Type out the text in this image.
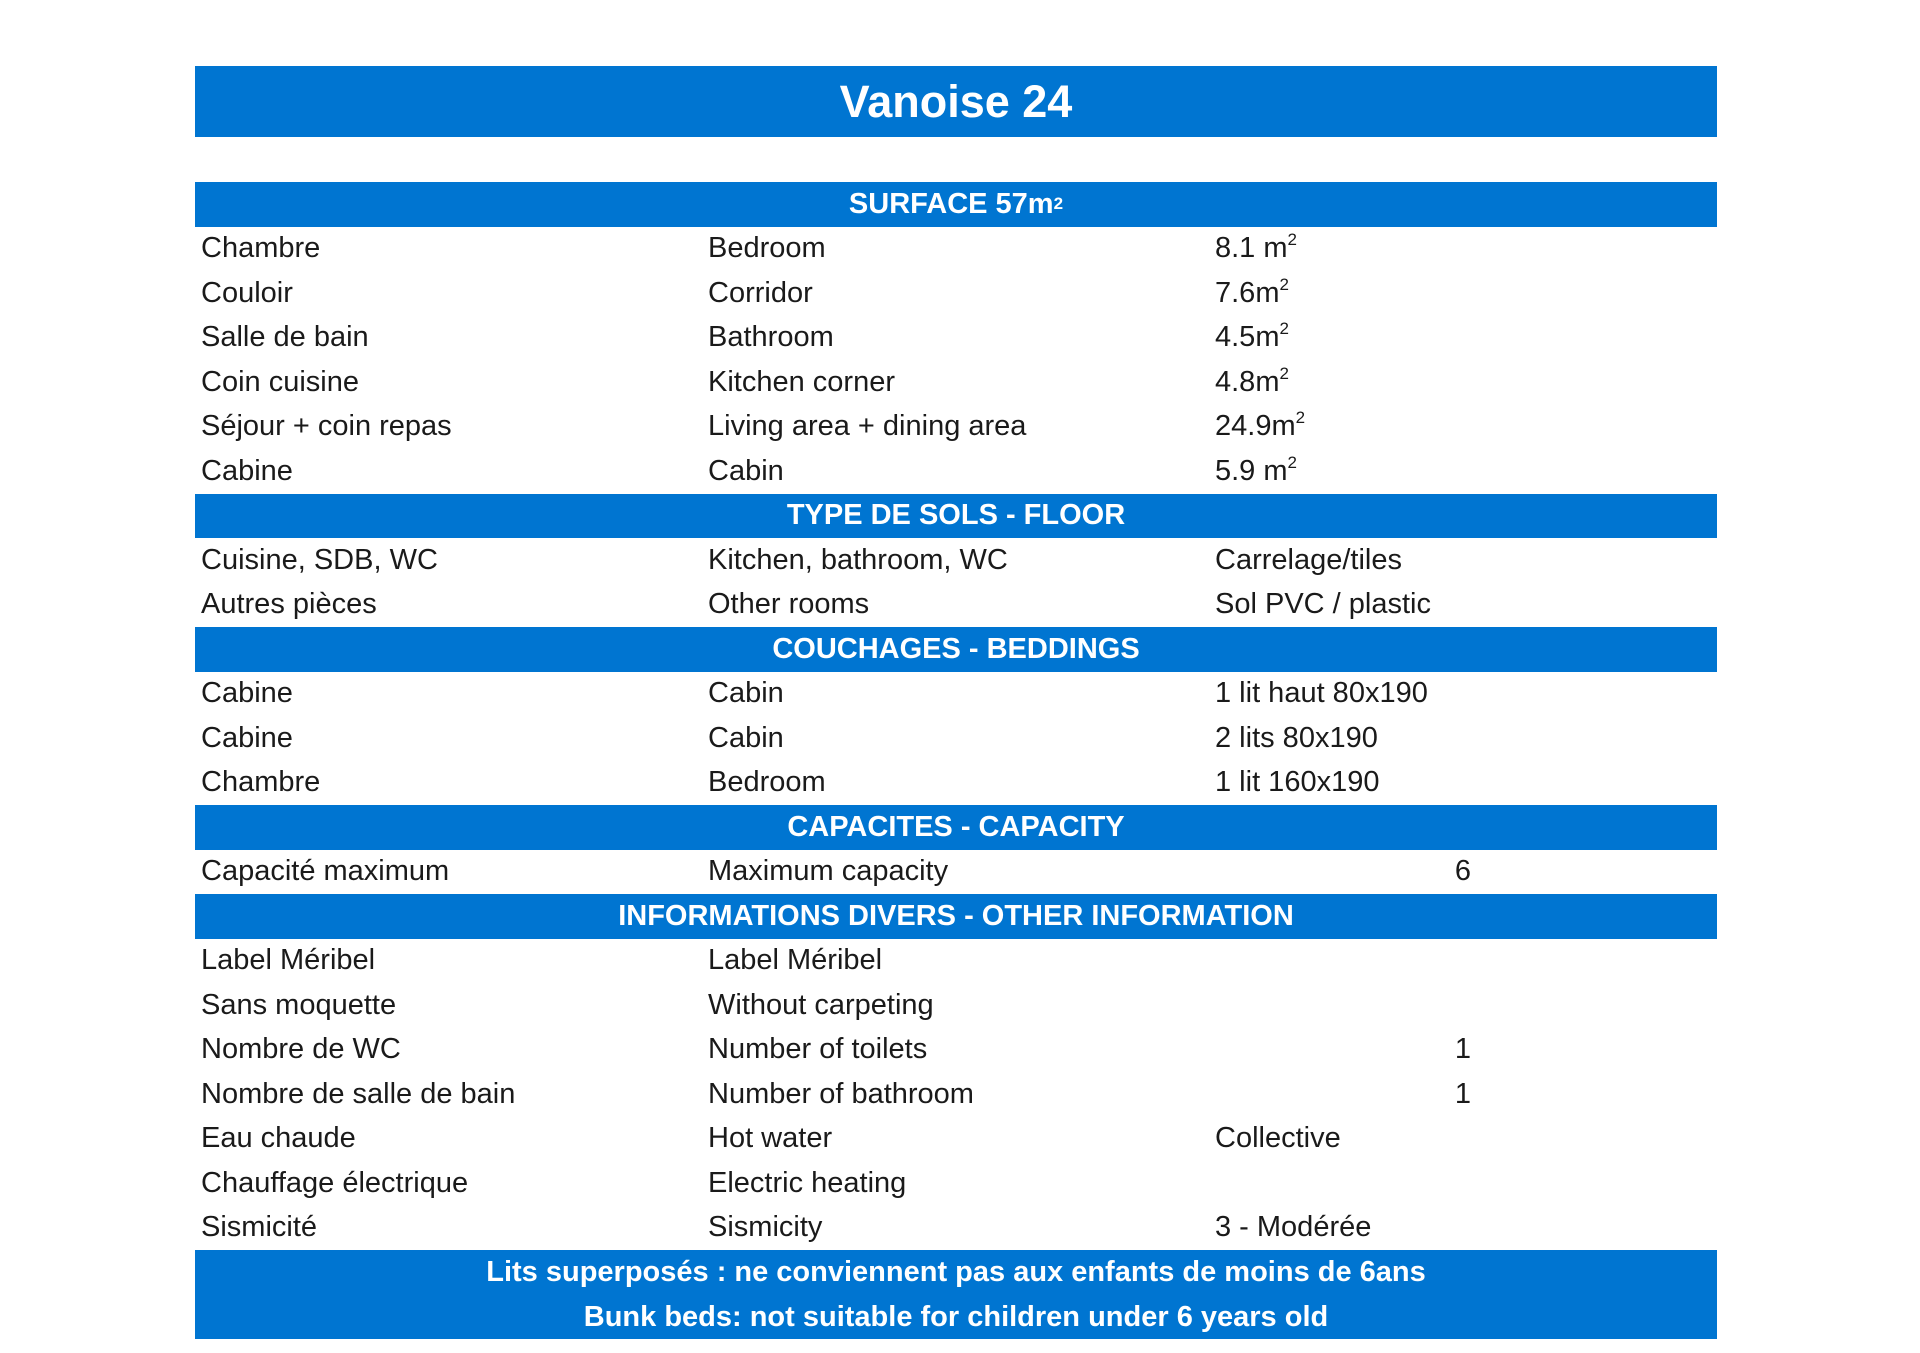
Vanoise 24
SURFACE 57m 2
Chambre	Bedroom	8.1 $m^2$
Couloir	Corridor	$7.6m^2$
Salle de bain	Bathroom	$4.5m^2$
Coin cuisine	Kitchen corner	$4.8m^2$
Séjour + coin repas	Living area + dining area	$24.9m^2$
Cabine	Cabin	5.9 $m^2$
TYPE DE SOLS - FLOOR
Cuisine, SDB, WC	Kitchen, bathroom, WC	Carrelage/tiles
Autres pièces	Other rooms	Sol PVC / plastic
COUCHAGES - BEDDINGS
Cabine	Cabin	1 lit haut 80x190
Cabine	Cabin	2 lits 80x190
Chambre	Bedroom	1 lit 160x190
CAPACITES - CAPACITY
Capacité maximum	Maximum capacity	6
INFORMATIONS DIVERS - OTHER INFORMATION
Label Méribel	Label Méribel
Sans moquette	Without carpeting
Nombre de WC	Number of toilets	1
Nombre de salle de bain	Number of bathroom	1
Eau chaude	Hot water	Collective
Chauffage électrique	Electric heating
Sismicité	Sismicity	3 - Modérée
Lits superposés : ne conviennent pas aux enfants de moins de 6ans
Bunk beds: not suitable for children under 6 years old
